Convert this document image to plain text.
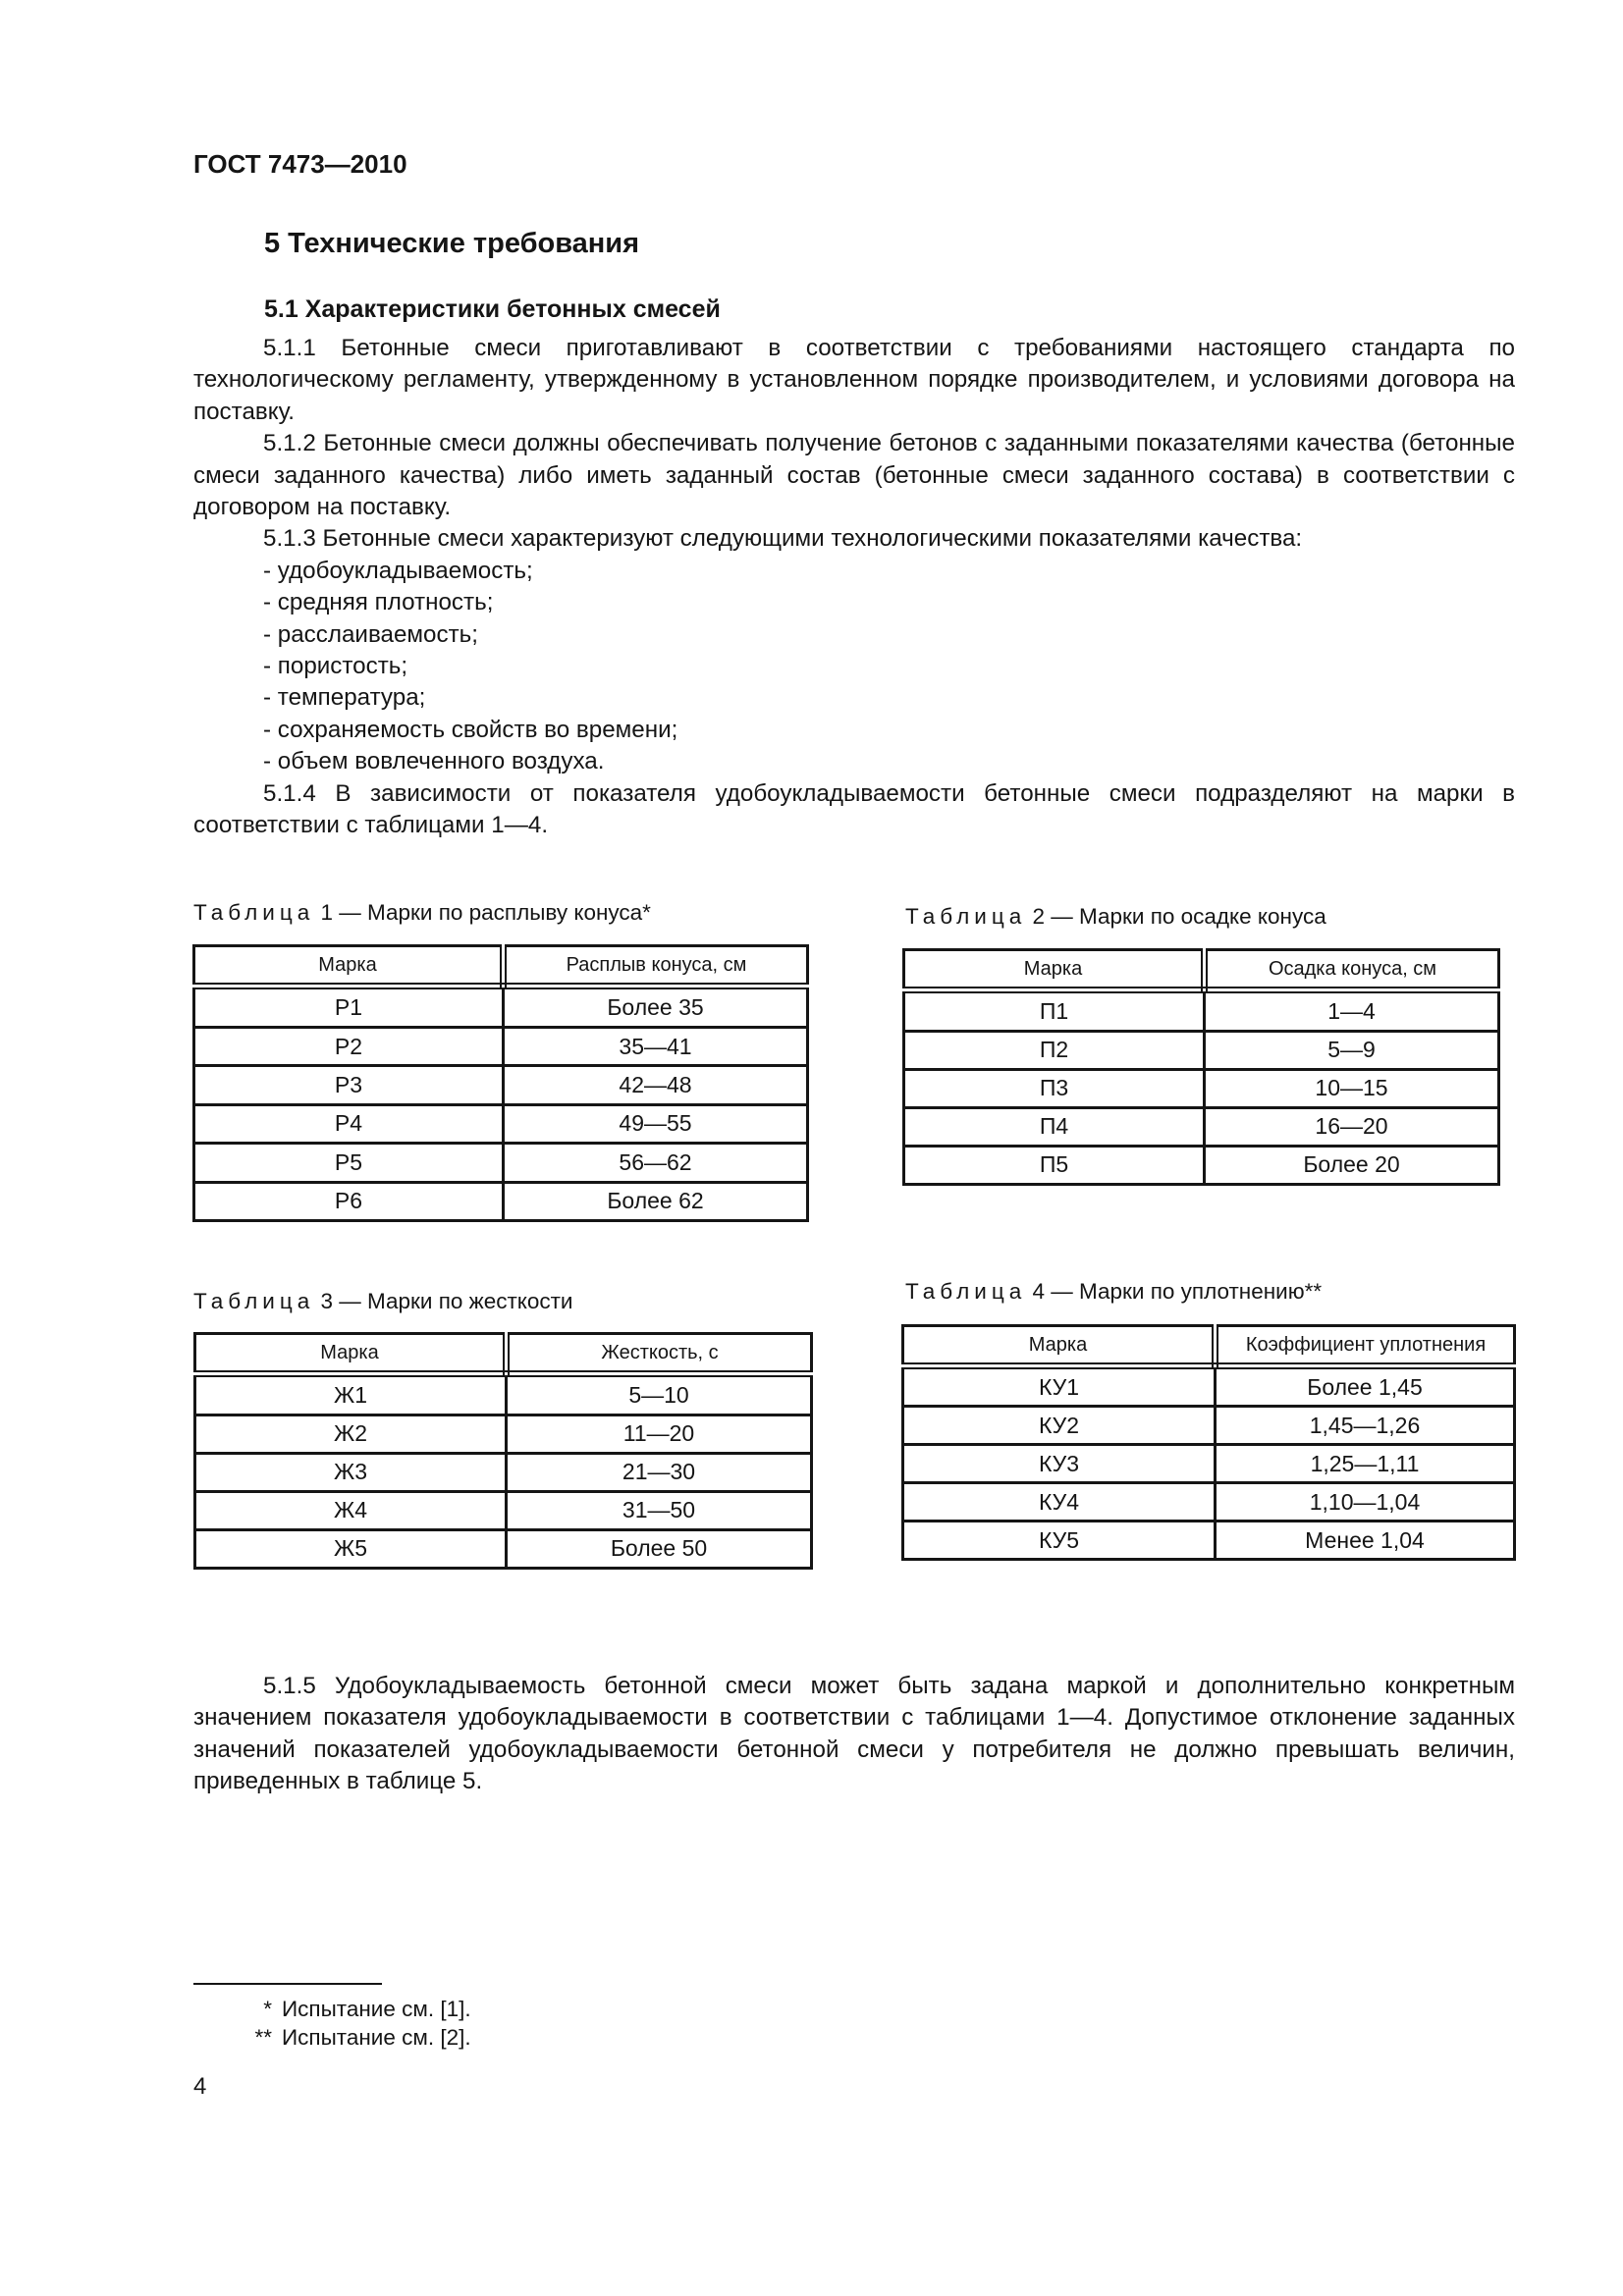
ГОСТ 7473—2010
5 Технические требования
5.1 Характеристики бетонных смесей

5.1.1 Бетонные смеси приготавливают в соответствии с требованиями настоящего стандарта по технологическому регламенту, утвержденному в установленном порядке производителем, и условиями договора на поставку.

5.1.2 Бетонные смеси должны обеспечивать получение бетонов с заданными показателями качества (бетонные смеси заданного качества) либо иметь заданный состав (бетонные смеси заданного состава) в соответствии с договором на поставку.

5.1.3 Бетонные смеси характеризуют следующими технологическими показателями качества:

- удобоукладываемость;
- средняя плотность;
- расслаиваемость;
- пористость;
- температура;
- сохраняемость свойств во времени;
- объем вовлеченного воздуха.

5.1.4 В зависимости от показателя удобоукладываемости бетонные смеси подразделяют на марки в соответствии с таблицами 1—4.

Таблица 1 — Марки по расплыву конуса*
Марка	Расплыв конуса, см
Р1	Более 35
Р2	35—41
Р3	42—48
Р4	49—55
Р5	56—62
Р6	Более 62
Таблица 2 — Марки по осадке конуса
Марка	Осадка конуса, см
П1	1—4
П2	5—9
П3	10—15
П4	16—20
П5	Более 20
Таблица 3 — Марки по жесткости
Марка	Жесткость, с
Ж1	5—10
Ж2	11—20
Ж3	21—30
Ж4	31—50
Ж5	Более 50
Таблица 4 — Марки по уплотнению**
Марка	Коэффициент уплотнения
КУ1	Более 1,45
КУ2	1,45—1,26
КУ3	1,25—1,11
КУ4	1,10—1,04
КУ5	Менее 1,04

5.1.5 Удобоукладываемость бетонной смеси может быть задана маркой и дополнительно конкретным значением показателя удобоукладываемости в соответствии с таблицами 1—4. Допустимое отклонение заданных значений показателей удобоукладываемости бетонной смеси у потребителя не должно превышать величин, приведенных в таблице 5.

* Испытание см. [1].
** Испытание см. [2].
4
